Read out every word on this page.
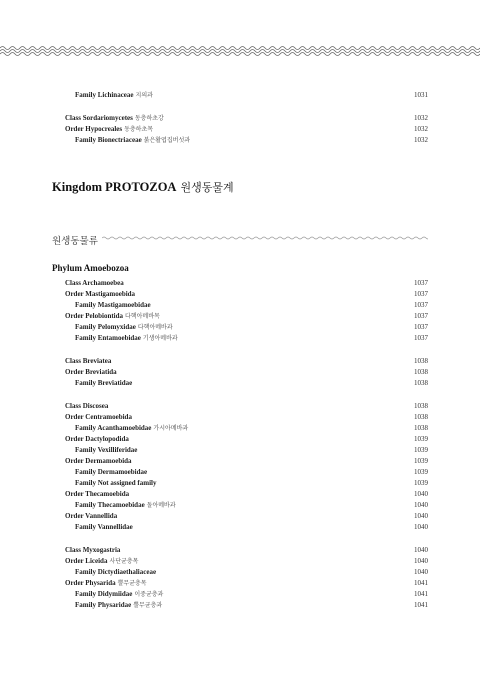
Kingdom PROTOZOA 원생동물계
원생동물류
Phylum Amoebozoa
Family Lichinaceae 지의과	1031
Class Sordariomycetes 동충하초강	1032
Order Hypocreales 동충하초목	1032
Family Bionectriaceae 붉은활엽집버섯과	1032
Class Archamoebea	1037
Order Mastigamoebida	1037
Family Mastigamoebidae	1037
Order Pelobiontida 다핵아메바목	1037
Family Pelomyxidae 다핵아메바과	1037
Family Entamoebidae 기생아메바과	1037
Class Breviatea	1038
Order Breviatida	1038
Family Breviatidae	1038
Class Discosea	1038
Order Centramoebida	1038
Family Acanthamoebidae 가시아메바과	1038
Order Dactylopodida	1039
Family Vexilliferidae	1039
Order Dermamoebida	1039
Family Dermamoebidae	1039
Family Not assigned family	1039
Order Thecamoebida	1040
Family Thecamoebidae 돌아메바과	1040
Order Vannellida	1040
Family Vannellidae	1040
Class Myxogastria	1040
Order Liceida 사단균충목	1040
Family Dictydiaethaliaceae	1040
Order Physarida 뿔무균충목	1041
Family Didymiidae 이중균충과	1041
Family Physaridae 뿔무균충과	1041
